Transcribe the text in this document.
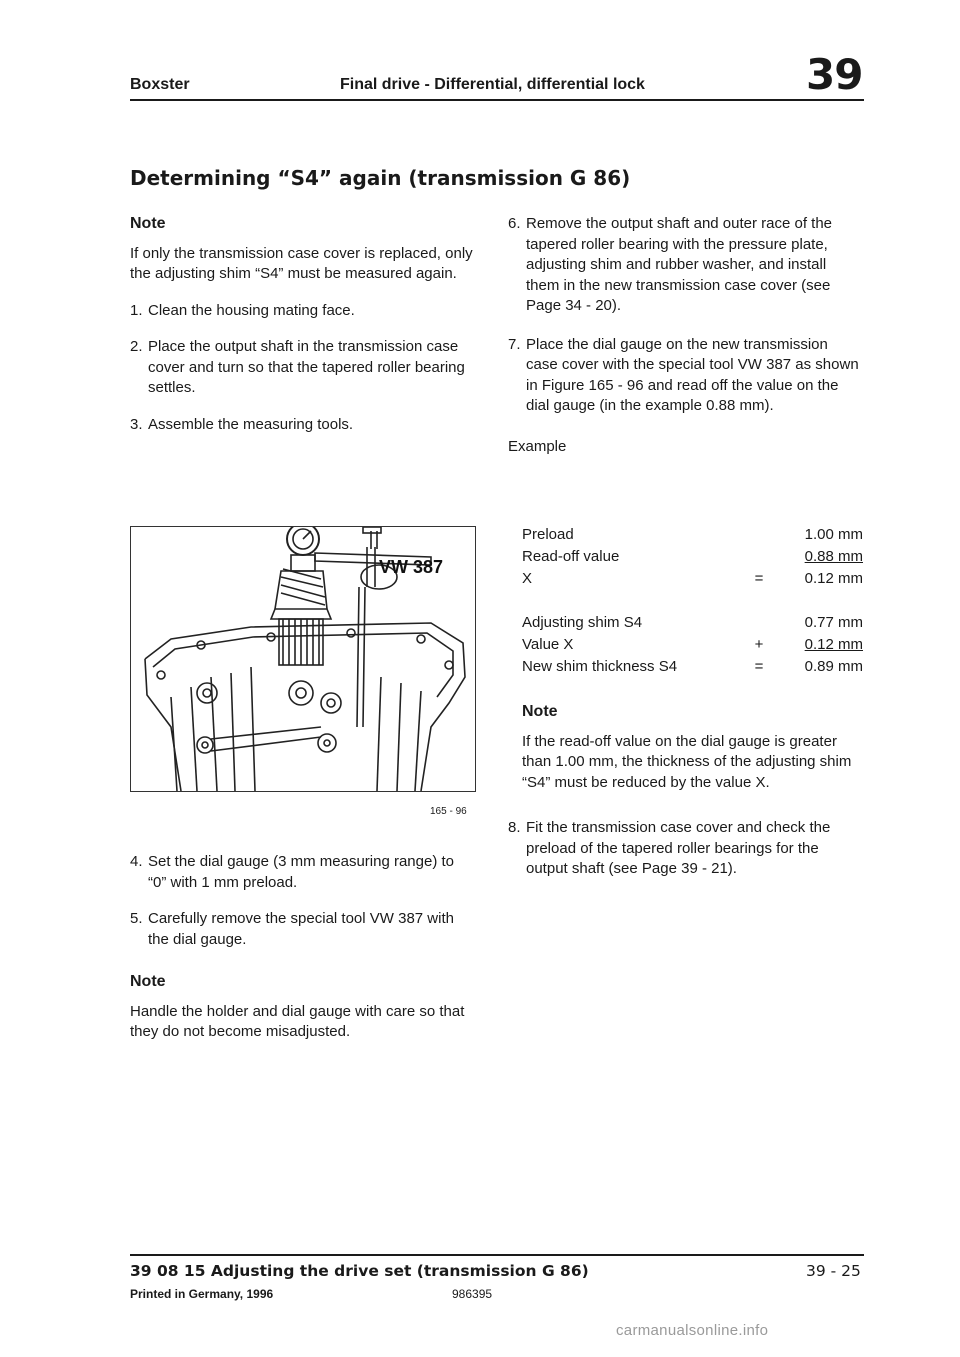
Boxster	Final drive - Differential, differential lock	39
Determining “S4” again (transmission G 86)
Note

If only the transmission case cover is replaced, only the adjusting shim “S4” must be measured again.

1. Clean the housing mating face.
2. Place the output shaft in the transmission case cover and turn so that the tapered roller bearing settles.
3. Assemble the measuring tools.
VW 387
165 - 96
4. Set the dial gauge (3 mm measuring range) to “0” with 1 mm preload.
5. Carefully remove the special tool VW 387 with the dial gauge.
Note

Handle the holder and dial gauge with care so that they do not become misadjusted.

6. Remove the output shaft and outer race of the tapered roller bearing with the pressure plate, adjusting shim and rubber washer, and install them in the new transmission case cover (see Page 34 - 20).
7. Place the dial gauge on the new transmission case cover with the special tool VW 387 as shown in Figure 165 - 96 and read off the value on the dial gauge (in the example 0.88 mm).

Example

Preload	1.00 mm
Read-off value	0.88 mm
X	=	0.12 mm
Adjusting shim S4	0.77 mm
Value X	+	0.12 mm
New shim thickness S4	=	0.89 mm
Note

If the read-off value on the dial gauge is greater than 1.00 mm, the thickness of the adjusting shim “S4” must be reduced by the value X.

8. Fit the transmission case cover and check the preload of the tapered roller bearings for the output shaft (see Page 39 - 21).
39 08 15 Adjusting the drive set (transmission G 86)	39 - 25
Printed in Germany, 1996	986395
carmanualsonline.info
